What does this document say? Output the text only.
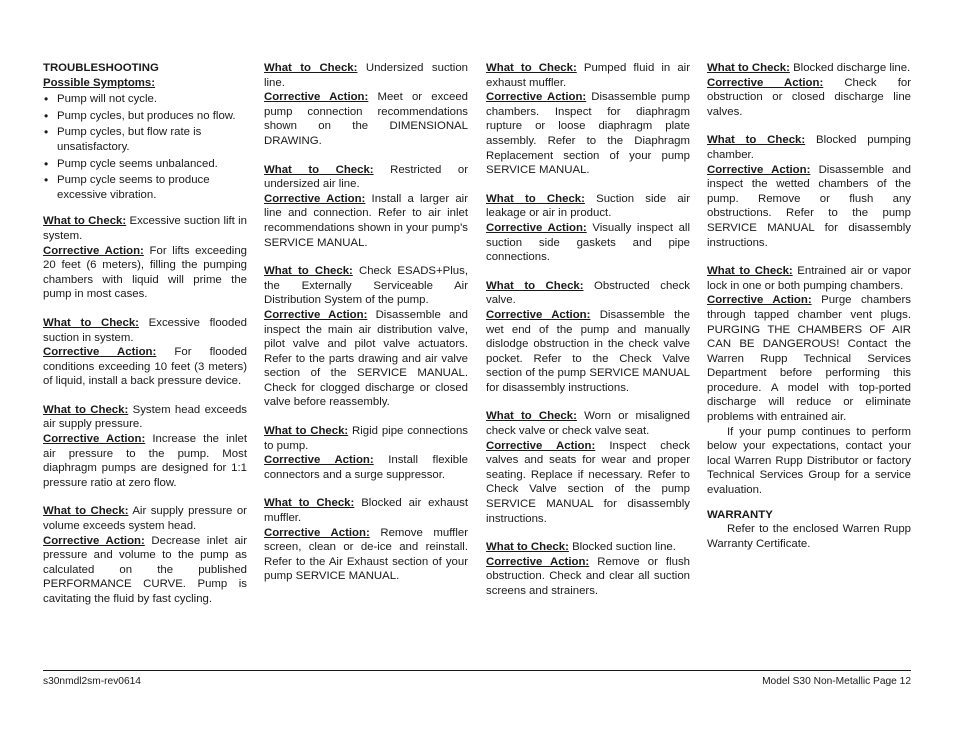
TROUBLESHOOTING

Possible Symptoms:

• Pump will not cycle.
• Pump cycles, but produces no flow.
• Pump cycles, but flow rate is unsatisfactory.
• Pump cycle seems unbalanced.
• Pump cycle seems to produce excessive vibration.

What to Check: Excessive suction lift in system.

Corrective Action: For lifts exceeding 20 feet (6 meters), filling the pumping chambers with liquid will prime the pump in most cases.

What to Check: Excessive flooded suction in system.

Corrective Action: For flooded conditions exceeding 10 feet (3 meters) of liquid, install a back pressure device.

What to Check: System head exceeds air supply pressure.

Corrective Action: Increase the inlet air pressure to the pump. Most diaphragm pumps are designed for 1:1 pressure ratio at zero flow.

What to Check: Air supply pressure or volume exceeds system head.

Corrective Action: Decrease inlet air pressure and volume to the pump as calculated on the published PERFORMANCE CURVE. Pump is cavitating the fluid by fast cycling.

What to Check: Undersized suction line.

Corrective Action: Meet or exceed pump connection recommendations shown on the DIMENSIONAL DRAWING.

What to Check: Restricted or undersized air line.

Corrective Action: Install a larger air line and connection. Refer to air inlet recommendations shown in your pump's SERVICE MANUAL.

What to Check: Check ESADS+Plus, the Externally Serviceable Air Distribution System of the pump.

Corrective Action: Disassemble and inspect the main air distribution valve, pilot valve and pilot valve actuators. Refer to the parts drawing and air valve section of the SERVICE MANUAL. Check for clogged discharge or closed valve before reassembly.

What to Check: Rigid pipe connections to pump.

Corrective Action: Install flexible connectors and a surge suppressor.

What to Check: Blocked air exhaust muffler.

Corrective Action: Remove muffler screen, clean or de-ice and reinstall. Refer to the Air Exhaust section of your pump SERVICE MANUAL.

What to Check: Pumped fluid in air exhaust muffler.

Corrective Action: Disassemble pump chambers. Inspect for diaphragm rupture or loose diaphragm plate assembly. Refer to the Diaphragm Replacement section of your pump SERVICE MANUAL.

What to Check: Suction side air leakage or air in product.

Corrective Action: Visually inspect all suction side gaskets and pipe connections.

What to Check: Obstructed check valve.

Corrective Action: Disassemble the wet end of the pump and manually dislodge obstruction in the check valve pocket. Refer to the Check Valve section of the pump SERVICE MANUAL for disassembly instructions.

What to Check: Worn or misaligned check valve or check valve seat.

Corrective Action: Inspect check valves and seats for wear and proper seating. Replace if necessary. Refer to Check Valve section of the pump SERVICE MANUAL for disassembly instructions.

What to Check: Blocked suction line.

Corrective Action: Remove or flush obstruction. Check and clear all suction screens and strainers.

What to Check: Blocked discharge line.

Corrective Action: Check for obstruction or closed discharge line valves.

What to Check: Blocked pumping chamber.

Corrective Action: Disassemble and inspect the wetted chambers of the pump. Remove or flush any obstructions. Refer to the pump SERVICE MANUAL for disassembly instructions.

What to Check: Entrained air or vapor lock in one or both pumping chambers.

Corrective Action: Purge chambers through tapped chamber vent plugs. PURGING THE CHAMBERS OF AIR CAN BE DANGEROUS! Contact the Warren Rupp Technical Services Department before performing this procedure. A model with top-ported discharge will reduce or eliminate problems with entrained air.

If your pump continues to perform below your expectations, contact your local Warren Rupp Distributor or factory Technical Services Group for a service evaluation.

WARRANTY

Refer to the enclosed Warren Rupp Warranty Certificate.

s30nmdl2sm-rev0614	Model S30 Non-Metallic Page 12
